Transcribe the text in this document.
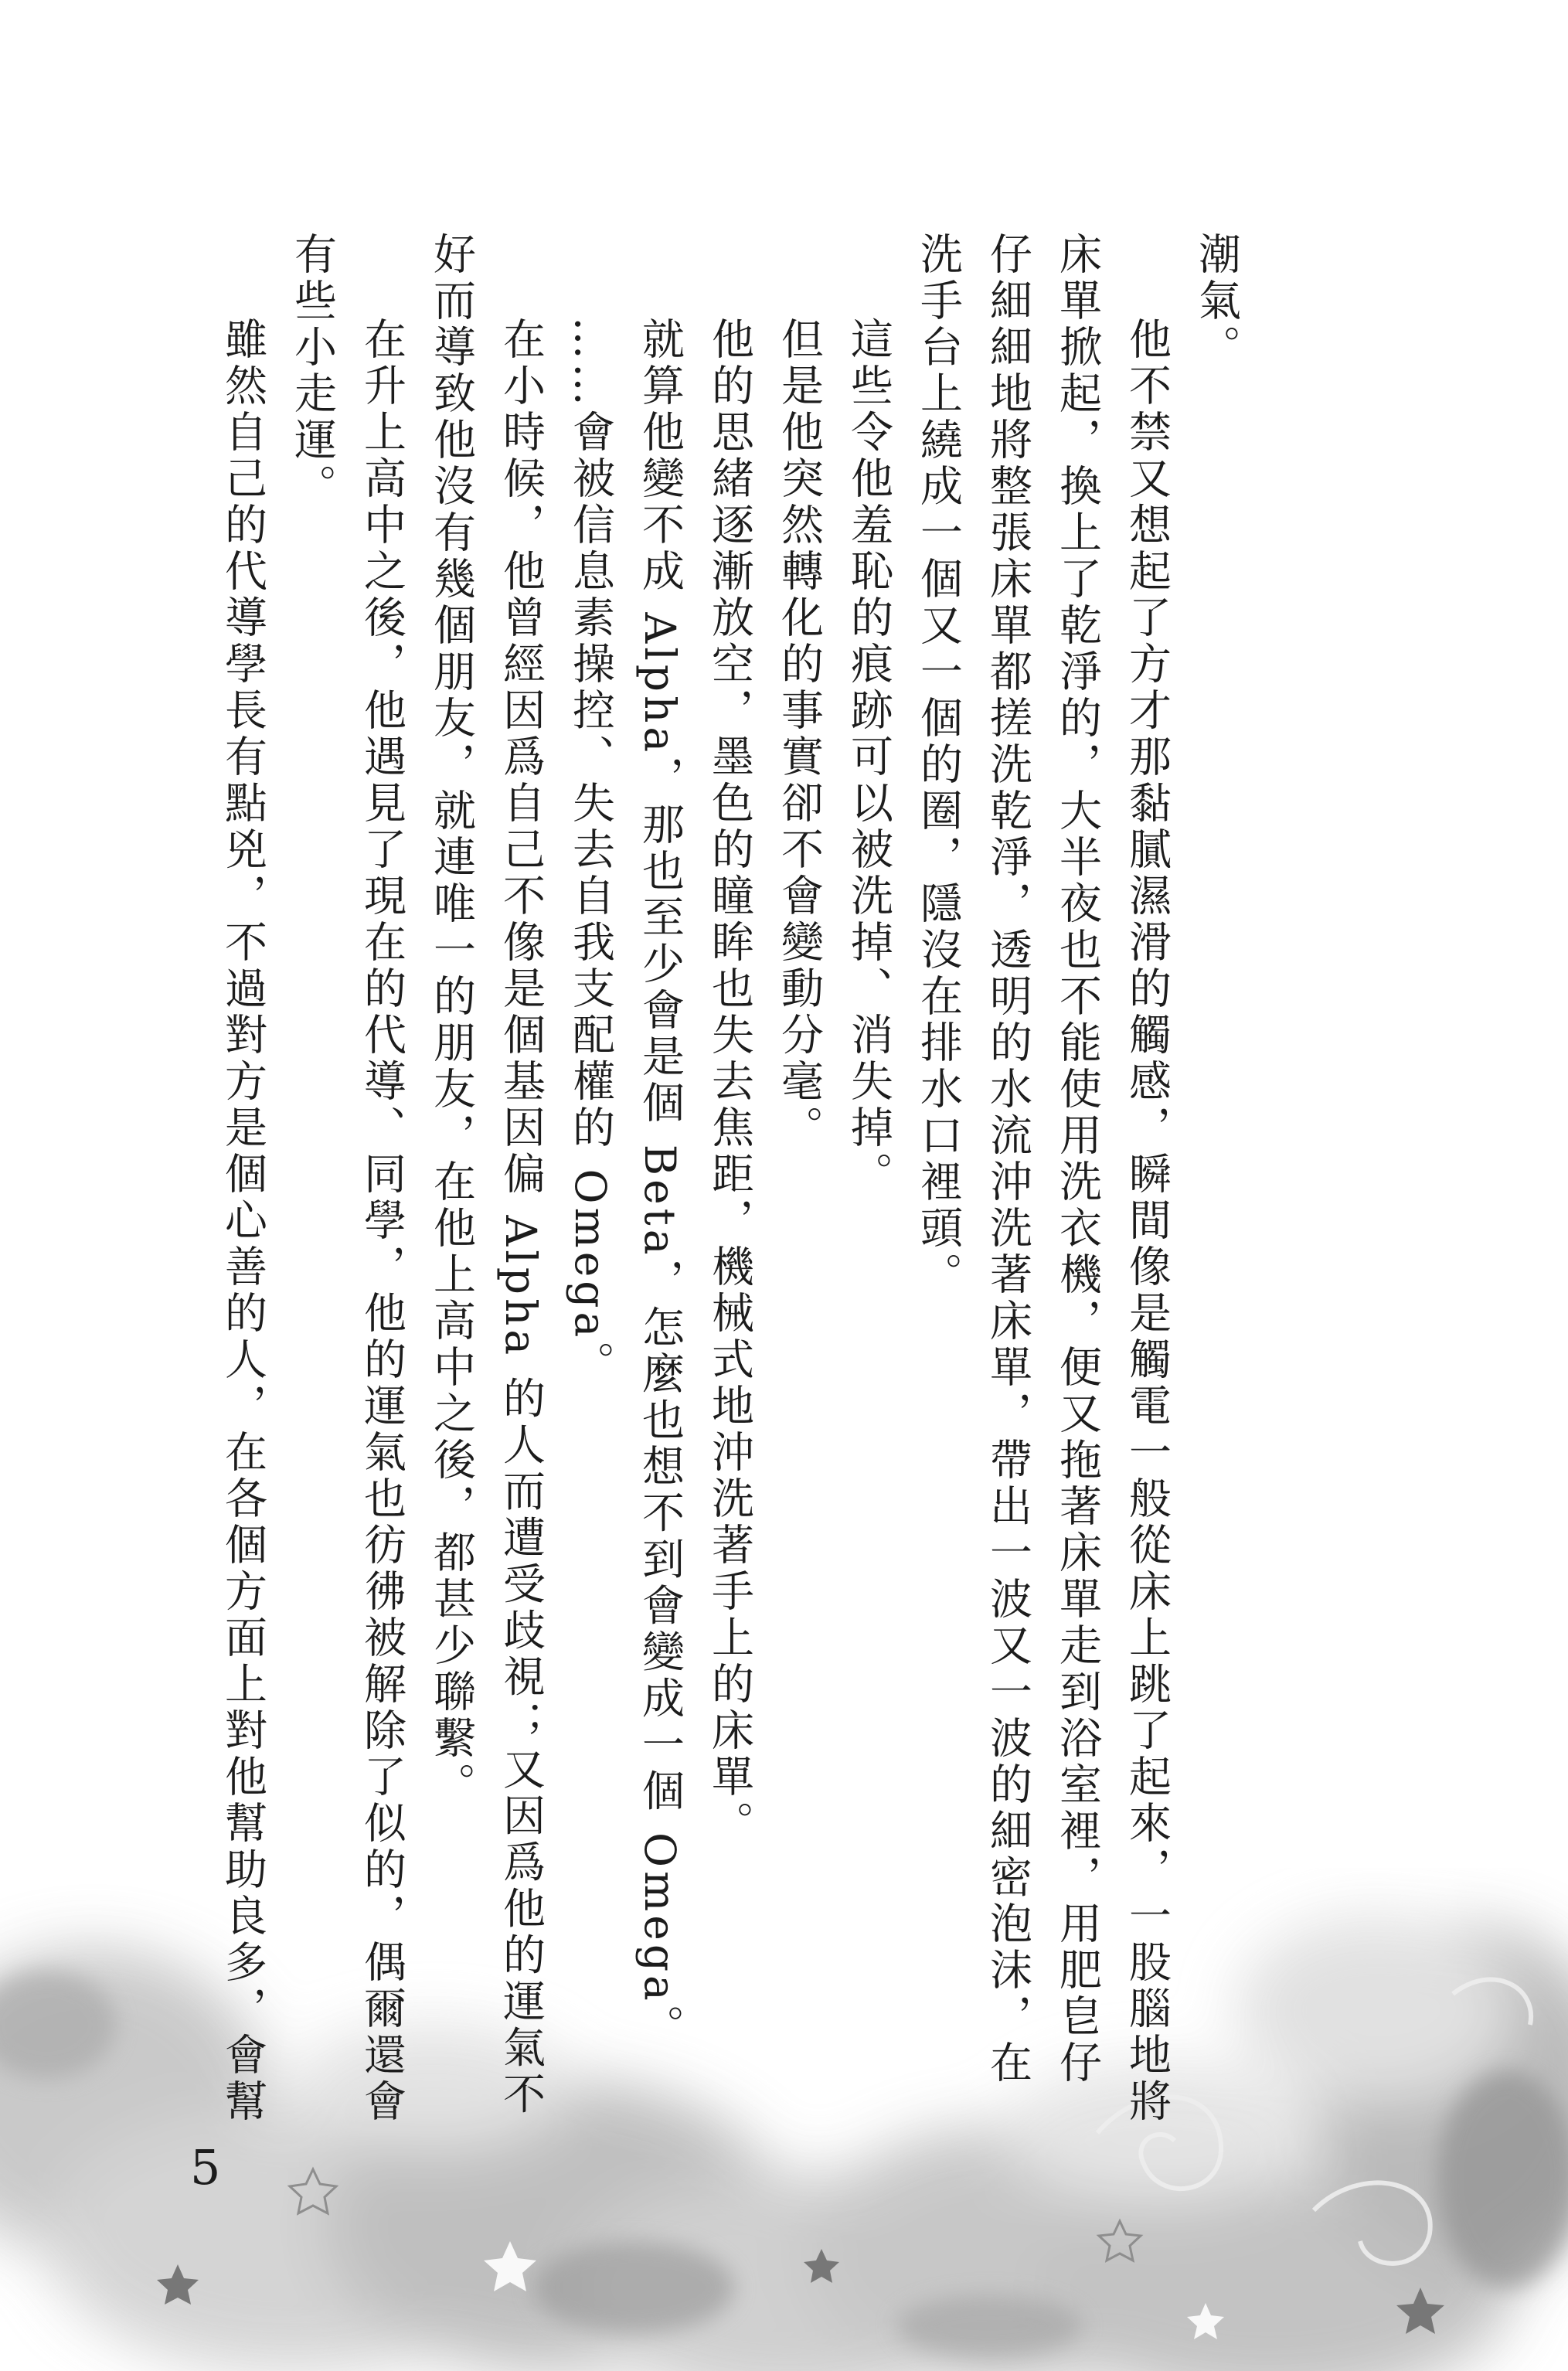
潮氣。

他不禁又想起了方才那黏膩濕滑的觸感，瞬間像是觸電一般從床上跳了起來，一股腦地將床單掀起，換上了乾淨的，大半夜也不能使用洗衣機，便又拖著床單走到浴室裡，用肥皀仔仔細細地將整張床單都搓洗乾淨，透明的水流沖洗著床單，帶出一波又一波的細密泡沫，在洗手台上繞成一個又一個的圈，隱沒在排水口裡頭。

這些令他羞恥的痕跡可以被洗掉、消失掉。

但是他突然轉化的事實卻不會變動分毫。

他的思緒逐漸放空，墨色的瞳眸也失去焦距，機械式地沖洗著手上的床單。

就算他變不成 Alpha，那也至少會是個 Beta，怎麼也想不到會變成一個 Omega。

……會被信息素操控、失去自我支配權的 Omega。

在小時候，他曾經因爲自己不像是個基因偏 Alpha 的人而遭受歧視；又因爲他的運氣不好而導致他沒有幾個朋友，就連唯一的朋友，在他上高中之後，都甚少聯繫。

在升上高中之後，他遇見了現在的代導、同學，他的運氣也彷彿被解除了似的，偶爾還會有些小走運。

雖然自己的代導學長有點兇，不過對方是個心善的人，在各個方面上對他幫助良多，會幫

5
